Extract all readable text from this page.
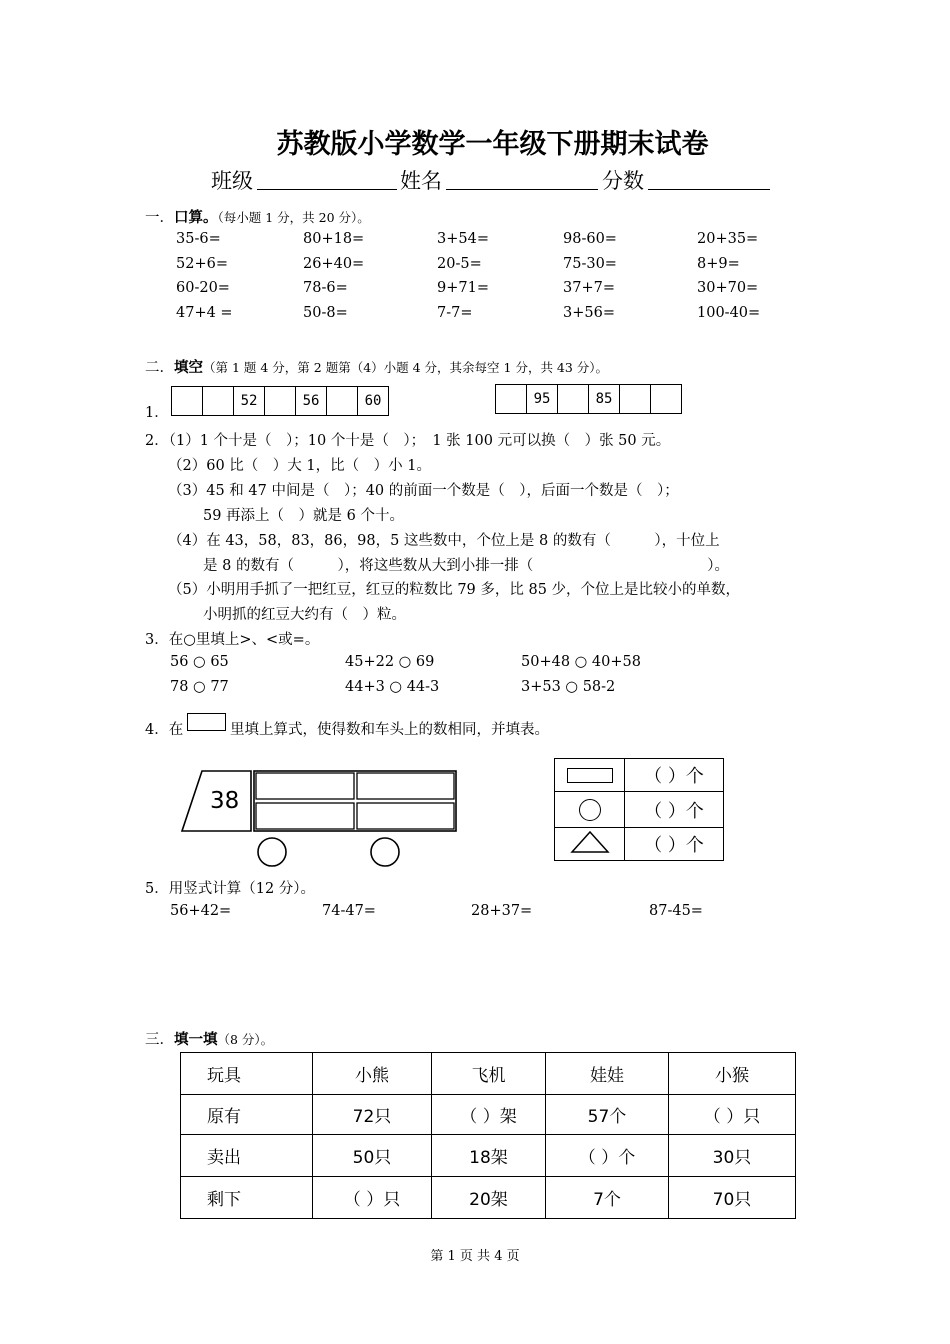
苏教版小学数学一年级下册期末试卷
班级	姓名	分数
一．口算。（每小题 1 分，共 20 分）。
35-6=	80+18=	3+54=	98-60=	20+35=
52+6=	26+40=	20-5=	75-30=	8+9=
60-20=	78-6=	9+71=	37+7=	30+70=
47+4 =	50-8=	7-7=	3+56=	100-40=
二．填空（第 1 题 4 分，第 2 题第（4）小题 4 分，其余每空 1 分，共 43 分）。
1．
		52		56		60
		95		85		
2．（1）1 个十是（　）；10 个十是（　）；　1 张 100 元可以换（　）张 50 元。
（2）60 比（　）大 1，比（　）小 1。
（3）45 和 47 中间是（　）；40 的前面一个数是（　），后面一个数是（　）；
59 再添上（　）就是 6 个十。
（4）在 43，58，83，86，98，5 这些数中，个位上是 8 的数有（　　　），十位上
是 8 的数有（　　　），将这些数从大到小排一排（　　　　　　　　　　　　）。
（5）小明用手抓了一把红豆，红豆的粒数比 79 多，比 85 少，个位上是比较小的单数，
小明抓的红豆大约有（　）粒。
3．在○里填上>、<或=。
56 ○ 65	45+22 ○ 69	50+48 ○ 40+58
78 ○ 77	44+3 ○ 44-3	3+53 ○ 58-2
4．在	里填上算式，使得数和车头上的数相同，并填表。
38
	（ ）个

	（ ）个
	（ ）个
5．用竖式计算（12 分）。
56+42=	74-47=	28+37=	87-45=
三．填一填（8 分）。
玩具	小熊	飞机	娃娃	小猴
原有	72只	（ ）架	57个	（ ）只
卖出	50只	18架	（ ）个	30只
剩下	（ ）只	20架	7个	70只
第 1 页 共 4 页
